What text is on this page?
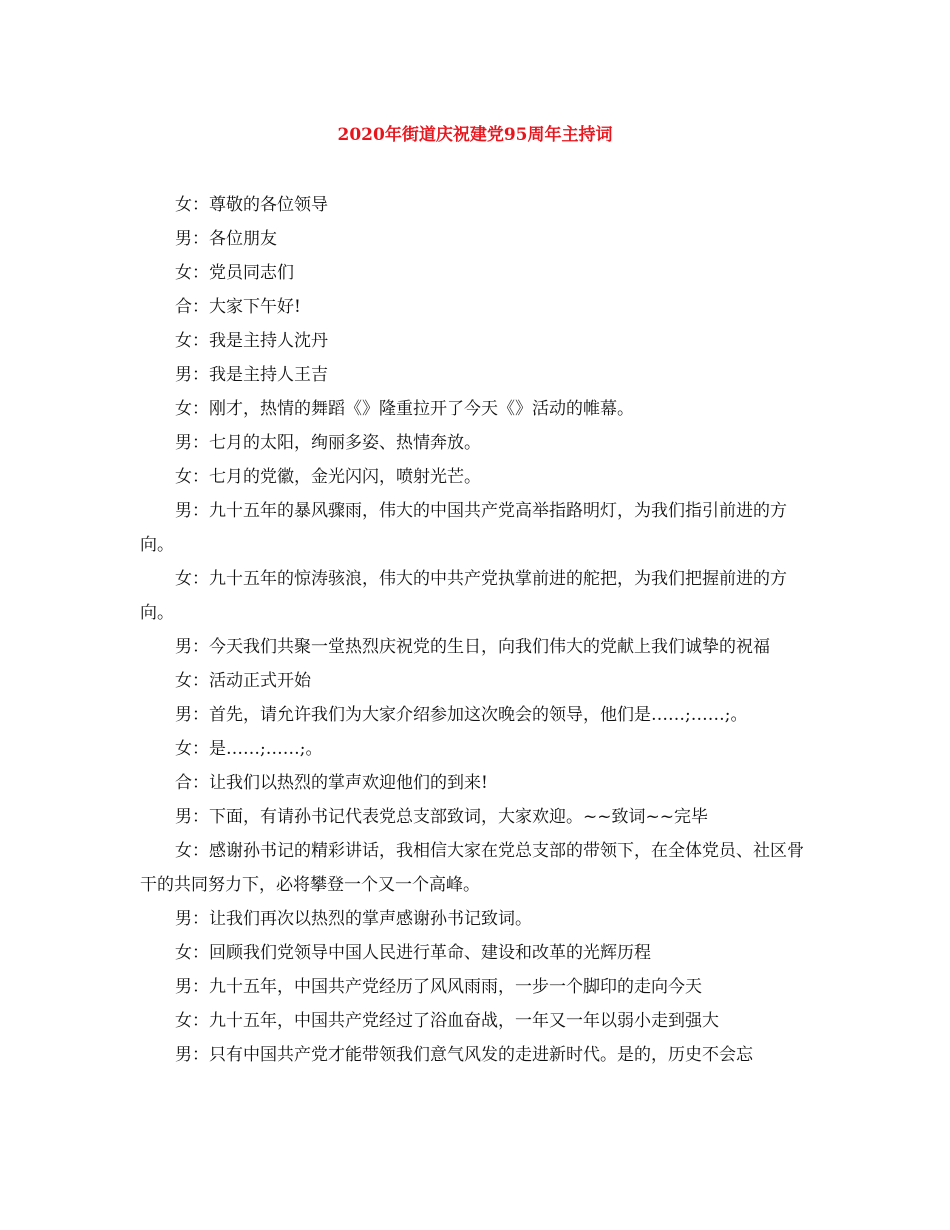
2020年街道庆祝建党95周年主持词

女：尊敬的各位领导

男：各位朋友

女：党员同志们

合：大家下午好!

女：我是主持人沈丹

男：我是主持人王吉

女：刚才，热情的舞蹈《》隆重拉开了今天《》活动的帷幕。

男：七月的太阳，绚丽多姿、热情奔放。

女：七月的党徽，金光闪闪，喷射光芒。

男：九十五年的暴风骤雨，伟大的中国共产党高举指路明灯，为我们指引前进的方向。

女：九十五年的惊涛骇浪，伟大的中共产党执掌前进的舵把，为我们把握前进的方向。

男：今天我们共聚一堂热烈庆祝党的生日，向我们伟大的党献上我们诚挚的祝福

女：活动正式开始

男：首先，请允许我们为大家介绍参加这次晚会的领导，他们是……;……;。

女：是……;……;。

合：让我们以热烈的掌声欢迎他们的到来!

男：下面，有请孙书记代表党总支部致词，大家欢迎。~~致词~~完毕

女：感谢孙书记的精彩讲话，我相信大家在党总支部的带领下，在全体党员、社区骨干的共同努力下，必将攀登一个又一个高峰。

男：让我们再次以热烈的掌声感谢孙书记致词。

女：回顾我们党领导中国人民进行革命、建设和改革的光辉历程

男：九十五年，中国共产党经历了风风雨雨，一步一个脚印的走向今天

女：九十五年，中国共产党经过了浴血奋战，一年又一年以弱小走到强大

男：只有中国共产党才能带领我们意气风发的走进新时代。是的，历史不会忘
